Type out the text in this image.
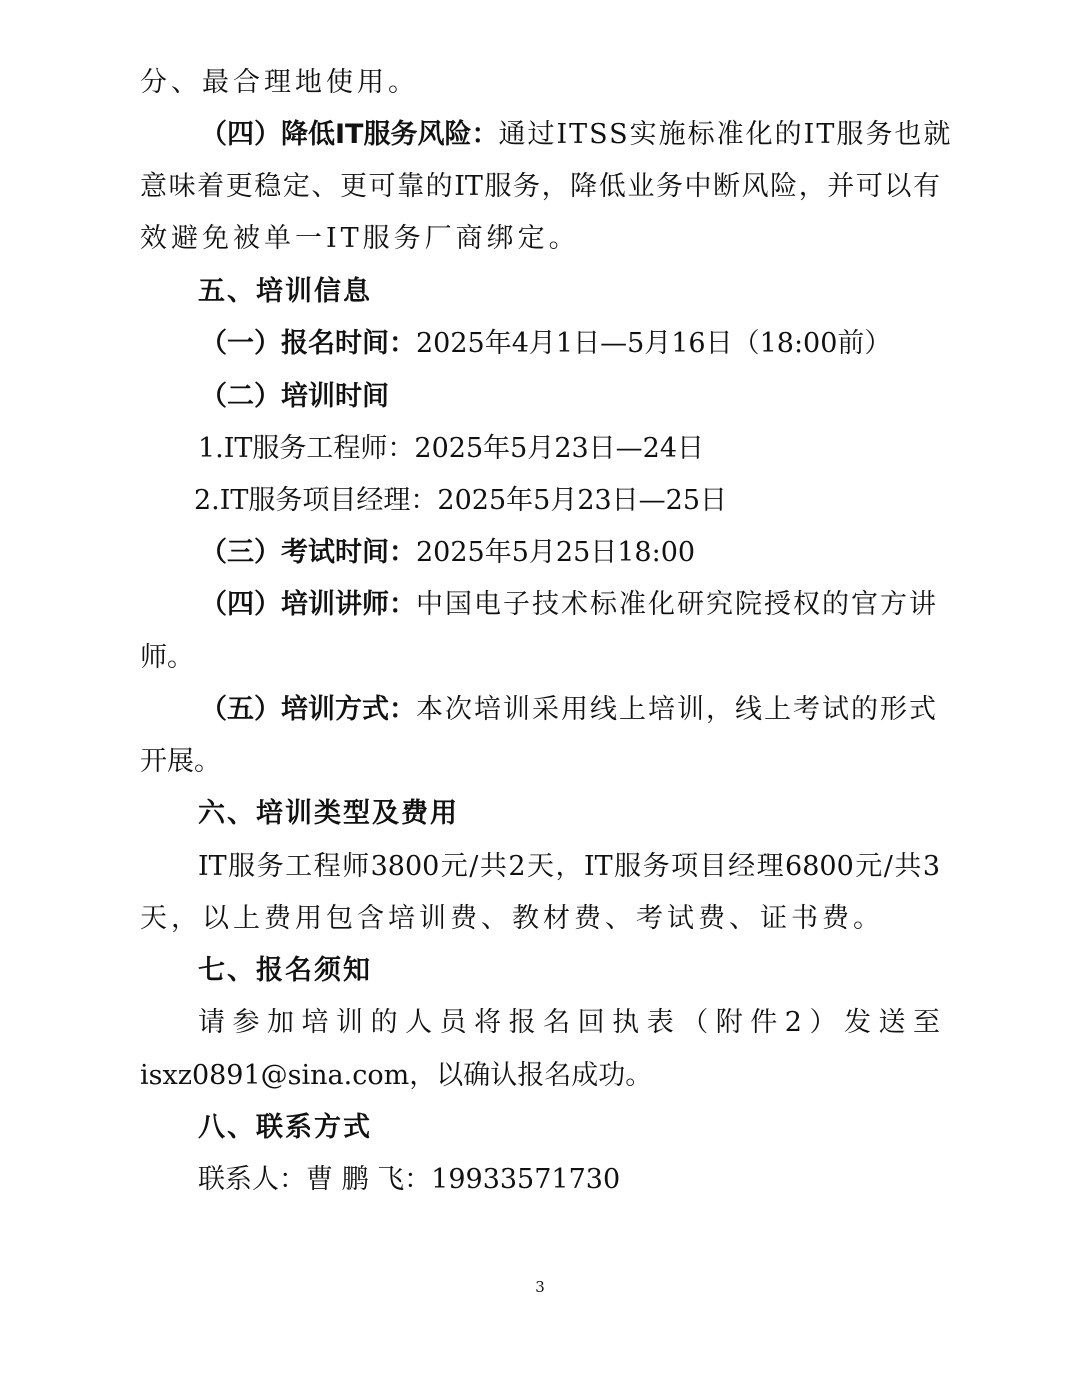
分、最合理地使用。
（四）降低IT服务风险：通过ITSS实施标准化的IT服务也就
意味着更稳定、更可靠的IT服务，降低业务中断风险，并可以有
效避免被单一IT服务厂商绑定。
五、培训信息
（一）报名时间：2025年4月1日—5月16日（18:00前）
（二）培训时间
1.IT服务工程师：2025年5月23日—24日
2.IT服务项目经理：2025年5月23日—25日
（三）考试时间：2025年5月25日18:00
（四）培训讲师：中国电子技术标准化研究院授权的官方讲
师。
（五）培训方式：本次培训采用线上培训，线上考试的形式
开展。
六、培训类型及费用
IT服务工程师3800元/共2天，IT服务项目经理6800元/共3
天，以上费用包含培训费、教材费、考试费、证书费。
七、报名须知
请参加培训的人员将报名回执表（附件2）发送至
isxz0891@sina.com，以确认报名成功。
八、联系方式
联系人：曹 鹏 飞：19933571730
3
